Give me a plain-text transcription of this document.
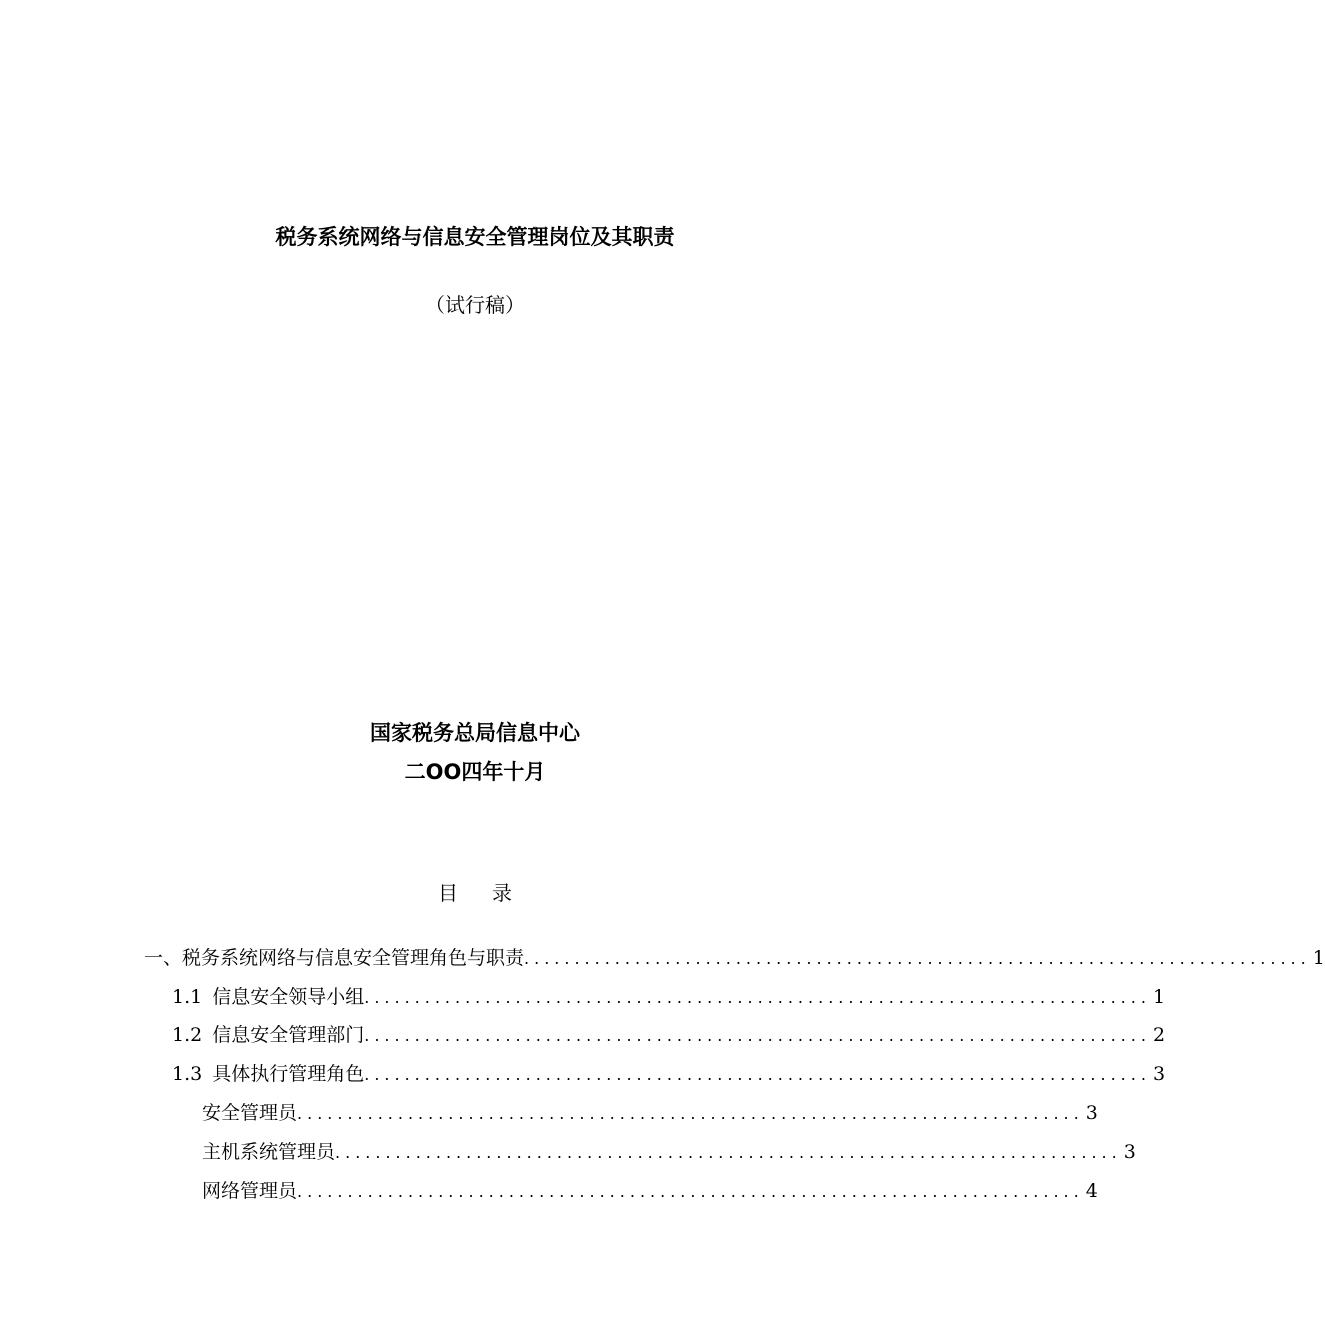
税务系统网络与信息安全管理岗位及其职责
（试行稿）
国家税务总局信息中心
二OO四年十月
目 录
一、税务系统网络与信息安全管理角色与职责 .............................................................................. 1
1.1 信息安全领导小组 .............................................................................. 1
1.2 信息安全管理部门 .............................................................................. 2
1.3 具体执行管理角色 .............................................................................. 3
安全管理员 .............................................................................. 3
主机系统管理员 .............................................................................. 3
网络管理员 .............................................................................. 4
